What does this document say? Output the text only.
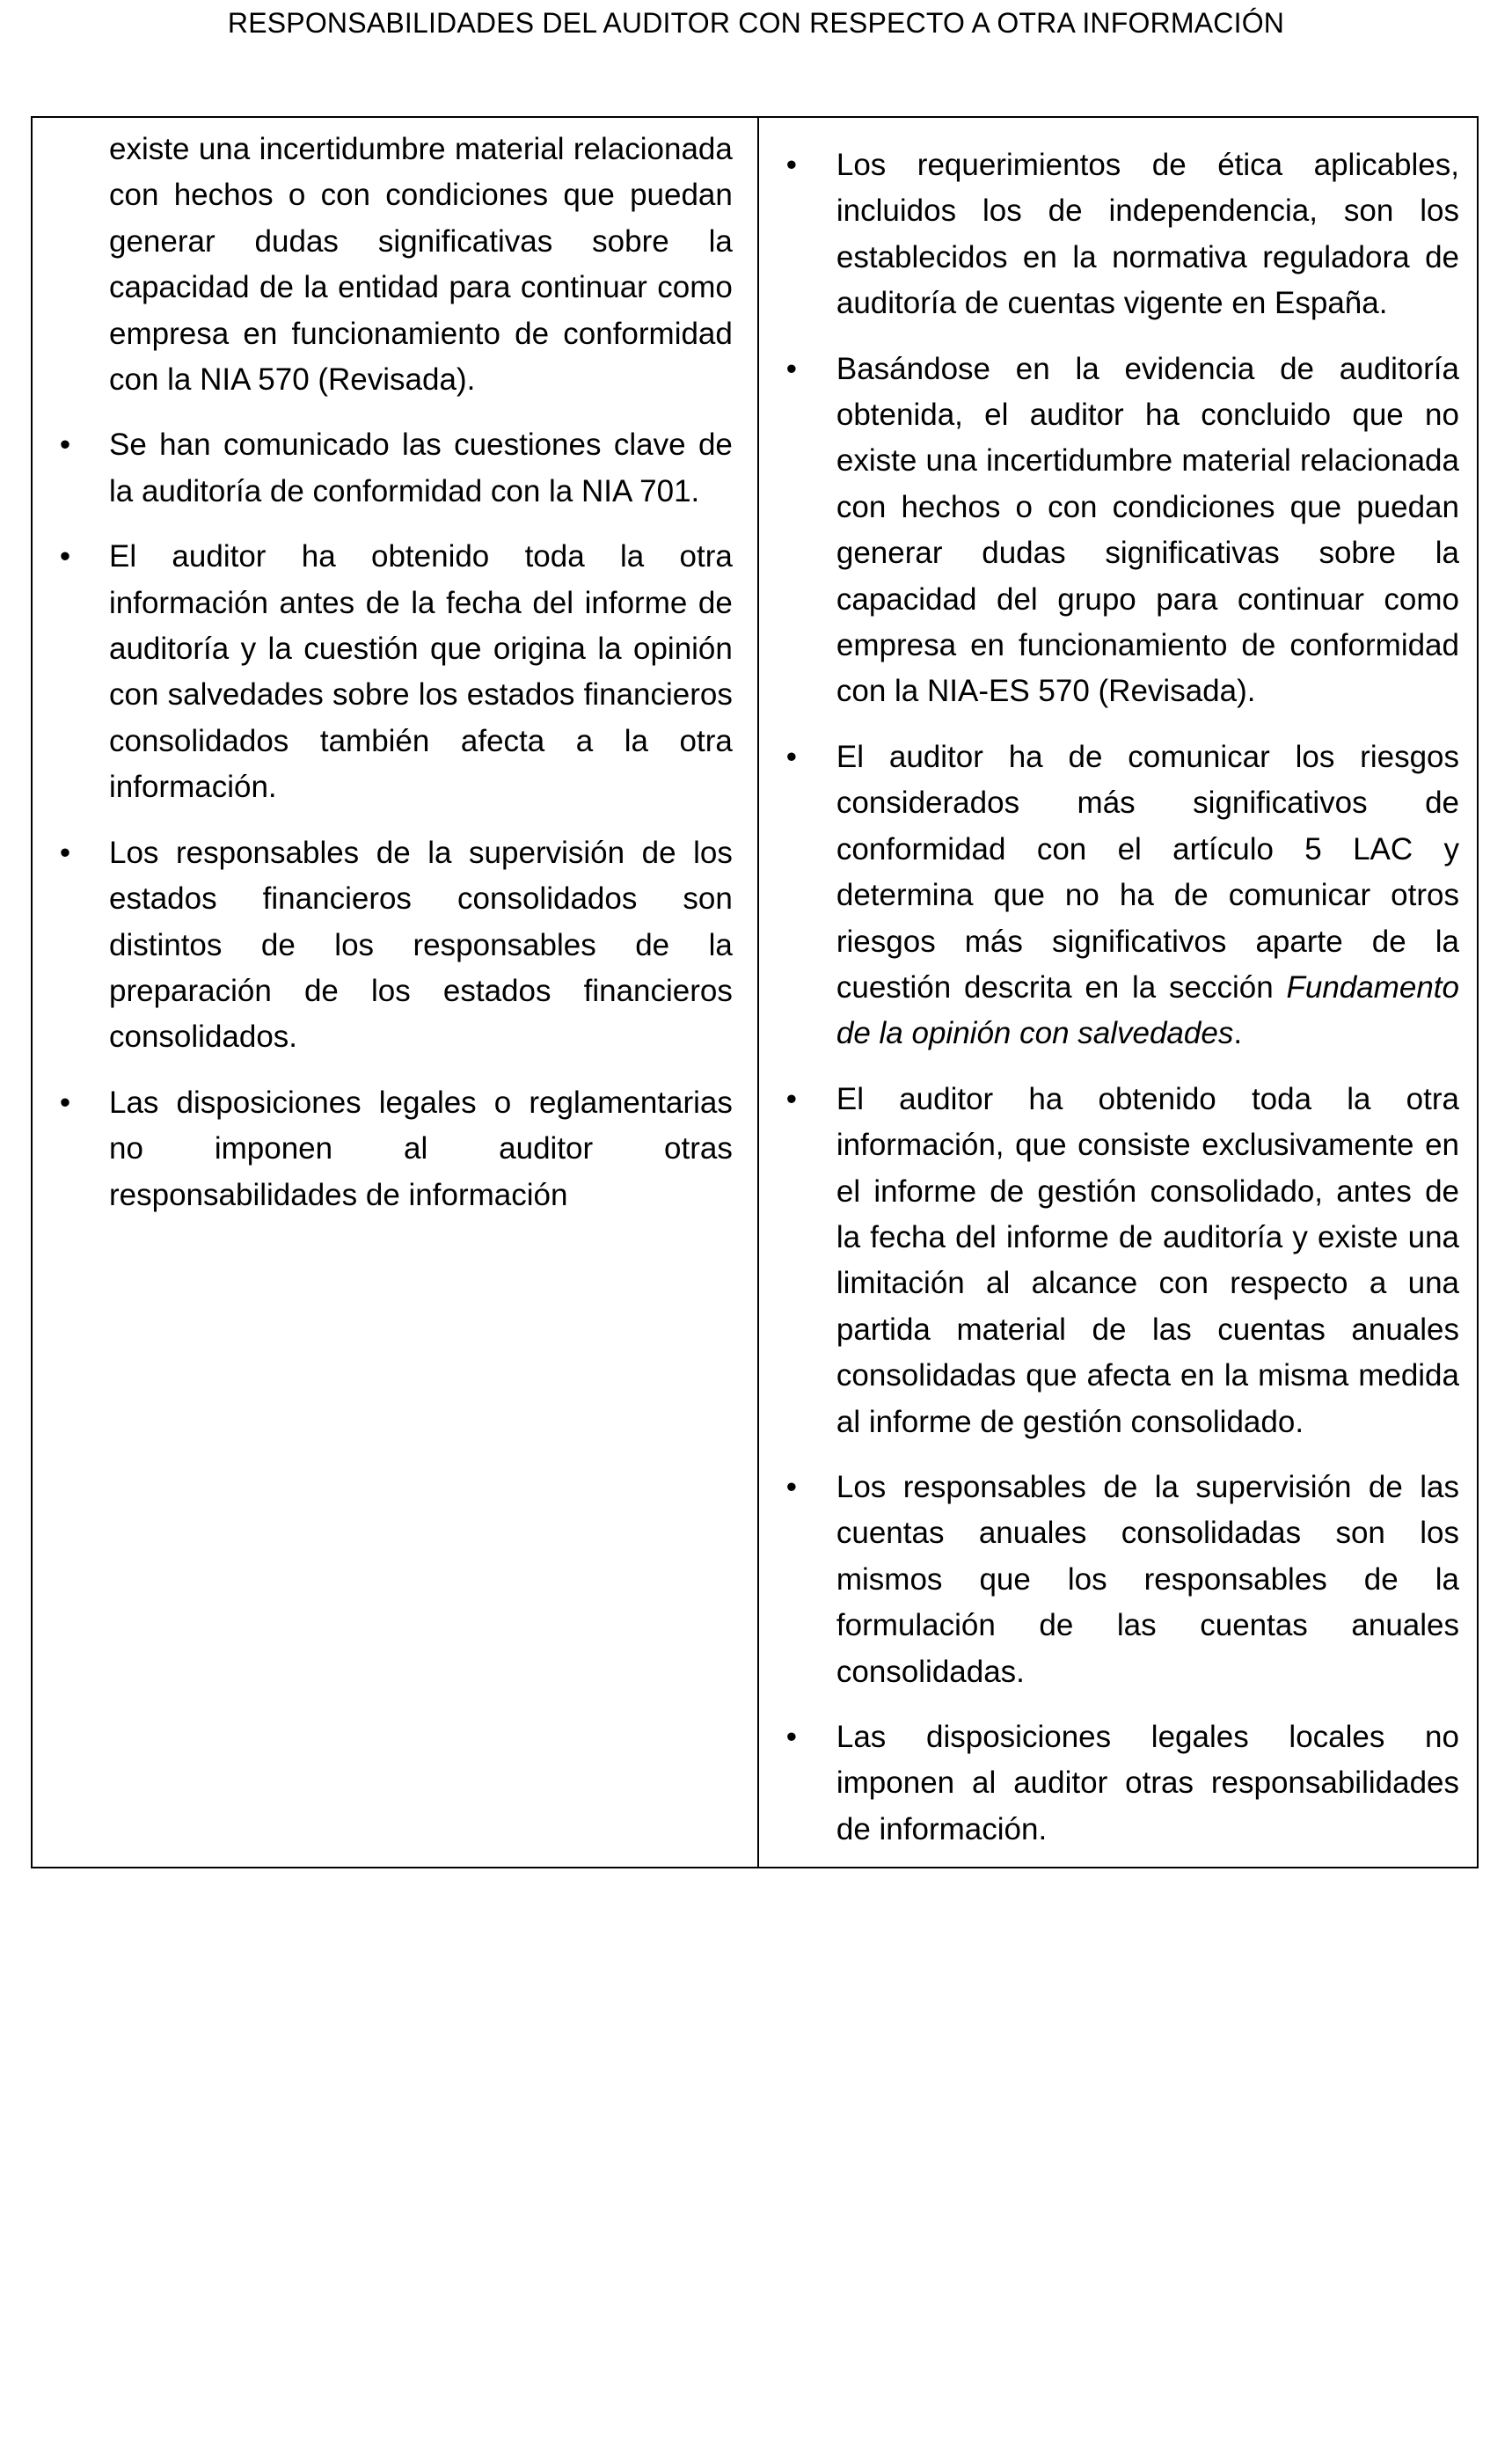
RESPONSABILIDADES DEL AUDITOR CON RESPECTO A OTRA INFORMACIÓN

existe una incertidumbre material relacionada con hechos o con condiciones que puedan generar dudas significativas sobre la capacidad de la entidad para continuar como empresa en funcionamiento de conformidad con la NIA 570 (Revisada).

• Se han comunicado las cuestiones clave de la auditoría de conformidad con la NIA 701.
• El auditor ha obtenido toda la otra información antes de la fecha del informe de auditoría y la cuestión que origina la opinión con salvedades sobre los estados financieros consolidados también afecta a la otra información.
• Los responsables de la supervisión de los estados financieros consolidados son distintos de los responsables de la preparación de los estados financieros consolidados.
• Las disposiciones legales o reglamentarias no imponen al auditor otras responsabilidades de información

• Los requerimientos de ética aplicables, incluidos los de independencia, son los establecidos en la normativa reguladora de auditoría de cuentas vigente en España.
• Basándose en la evidencia de auditoría obtenida, el auditor ha concluido que no existe una incertidumbre material relacionada con hechos o con condiciones que puedan generar dudas significativas sobre la capacidad del grupo para continuar como empresa en funcionamiento de conformidad con la NIA-ES 570 (Revisada).
• El auditor ha de comunicar los riesgos considerados más significativos de conformidad con el artículo 5 LAC y determina que no ha de comunicar otros riesgos más significativos aparte de la cuestión descrita en la sección Fundamento de la opinión con salvedades.
• El auditor ha obtenido toda la otra información, que consiste exclusivamente en el informe de gestión consolidado, antes de la fecha del informe de auditoría y existe una limitación al alcance con respecto a una partida material de las cuentas anuales consolidadas que afecta en la misma medida al informe de gestión consolidado.
• Los responsables de la supervisión de las cuentas anuales consolidadas son los mismos que los responsables de la formulación de las cuentas anuales consolidadas.
• Las disposiciones legales locales no imponen al auditor otras responsabilidades de información.
